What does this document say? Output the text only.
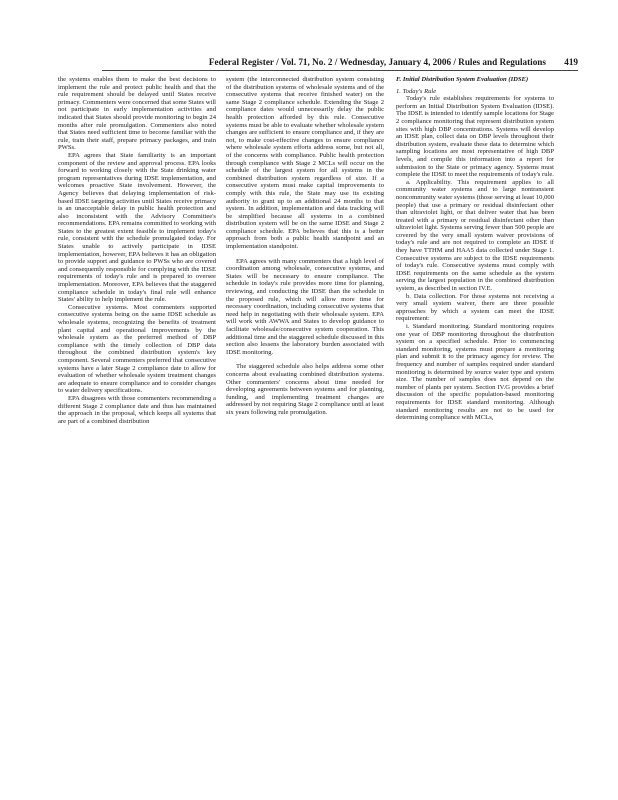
Federal Register / Vol. 71, No. 2 / Wednesday, January 4, 2006 / Rules and Regulations 419

the systems enables them to make the best decisions to implement the rule and protect public health and that the rule requirement should be delayed until States receive primacy. Commenters were concerned that some States will not participate in early implementation activities and indicated that States should provide monitoring to begin 24 months after rule promulgation. Commenters also noted that States need sufficient time to become familiar with the rule, train their staff, prepare primacy packages, and train PWSs.

EPA agrees that State familiarity is an important component of the review and approval process. EPA looks forward to working closely with the State drinking water program representatives during IDSE implementation, and welcomes proactive State involvement. However, the Agency believes that delaying implementation of risk-based IDSE targeting activities until States receive primacy is an unacceptable delay in public health protection and also inconsistent with the Advisory Committee's recommendations. EPA remains committed to working with States to the greatest extent feasible to implement today's rule, consistent with the schedule promulgated today. For States unable to actively participate in IDSE implementation, however, EPA believes it has an obligation to provide support and guidance to PWSs who are covered and consequently responsible for complying with the IDSE requirements of today's rule and is prepared to oversee implementation. Moreover, EPA believes that the staggered compliance schedule in today's final rule will enhance States' ability to help implement the rule.

Consecutive systems. Most commenters supported consecutive systems being on the same IDSE schedule as wholesale systems, recognizing the benefits of treatment plant capital and operational improvements by the wholesale system as the preferred method of DBP compliance with the timely collection of DBP data throughout the combined distribution system's key component. Several commenters preferred that consecutive systems have a later Stage 2 compliance date to allow for evaluation of whether wholesale system treatment changes are adequate to ensure compliance and to consider changes to water delivery specifications.

EPA disagrees with those commenters recommending a different Stage 2 compliance date and thus has maintained the approach in the proposal, which keeps all systems that are part of a combined distribution

system (the interconnected distribution system consisting of the distribution systems of wholesale systems and of the consecutive systems that receive finished water) on the same Stage 2 compliance schedule. Extending the Stage 2 compliance dates would unnecessarily delay the public health protection afforded by this rule. Consecutive systems must be able to evaluate whether wholesale system changes are sufficient to ensure compliance and, if they are not, to make cost-effective changes to ensure compliance where wholesale system efforts address some, but not all, of the concerns with compliance. Public health protection through compliance with Stage 2 MCLs will occur on the schedule of the largest system for all systems in the combined distribution system regardless of size. If a consecutive system must make capital improvements to comply with this rule, the State may use its existing authority to grant up to an additional 24 months to that system. In addition, implementation and data tracking will be simplified because all systems in a combined distribution system will be on the same IDSE and Stage 2 compliance schedule. EPA believes that this is a better approach from both a public health standpoint and an implementation standpoint.

EPA agrees with many commenters that a high level of coordination among wholesale, consecutive systems, and States will be necessary to ensure compliance. The schedule in today's rule provides more time for planning, reviewing, and conducting the IDSE than the schedule in the proposed rule, which will allow more time for necessary coordination, including consecutive systems that need help in negotiating with their wholesale system. EPA will work with AWWA and States to develop guidance to facilitate wholesale/consecutive system cooperation. This additional time and the staggered schedule discussed in this section also lessens the laboratory burden associated with IDSE monitoring.

The staggered schedule also helps address some other concerns about evaluating combined distribution systems. Other commenters' concerns about time needed for developing agreements between systems and for planning, funding, and implementing treatment changes are addressed by not requiring Stage 2 compliance until at least six years following rule promulgation.

F. Initial Distribution System Evaluation (IDSE)

1. Today's Rule

Today's rule establishes requirements for systems to perform an Initial Distribution System Evaluation (IDSE). The IDSE is intended to identify sample locations for Stage 2 compliance monitoring that represent distribution system sites with high DBP concentrations. Systems will develop an IDSE plan, collect data on DBP levels throughout their distribution system, evaluate these data to determine which sampling locations are most representative of high DBP levels, and compile this information into a report for submission to the State or primacy agency. Systems must complete the IDSE to meet the requirements of today's rule.

a. Applicability. This requirement applies to all community water systems and to large nontransient noncommunity water systems (those serving at least 10,000 people) that use a primary or residual disinfectant other than ultraviolet light, or that deliver water that has been treated with a primary or residual disinfectant other than ultraviolet light. Systems serving fewer than 500 people are covered by the very small system waiver provisions of today's rule and are not required to complete an IDSE if they have TTHM and HAA5 data collected under Stage 1. Consecutive systems are subject to the IDSE requirements of today's rule. Consecutive systems must comply with IDSE requirements on the same schedule as the system serving the largest population in the combined distribution system, as described in section IV.E.

b. Data collection. For those systems not receiving a very small system waiver, there are three possible approaches by which a system can meet the IDSE requirement:

i. Standard monitoring. Standard monitoring requires one year of DBP monitoring throughout the distribution system on a specified schedule. Prior to commencing standard monitoring, systems must prepare a monitoring plan and submit it to the primacy agency for review. The frequency and number of samples required under standard monitoring is determined by source water type and system size. The number of samples does not depend on the number of plants per system. Section IV.G provides a brief discussion of the specific population-based monitoring requirements for IDSE standard monitoring. Although standard monitoring results are not to be used for determining compliance with MCLs,
